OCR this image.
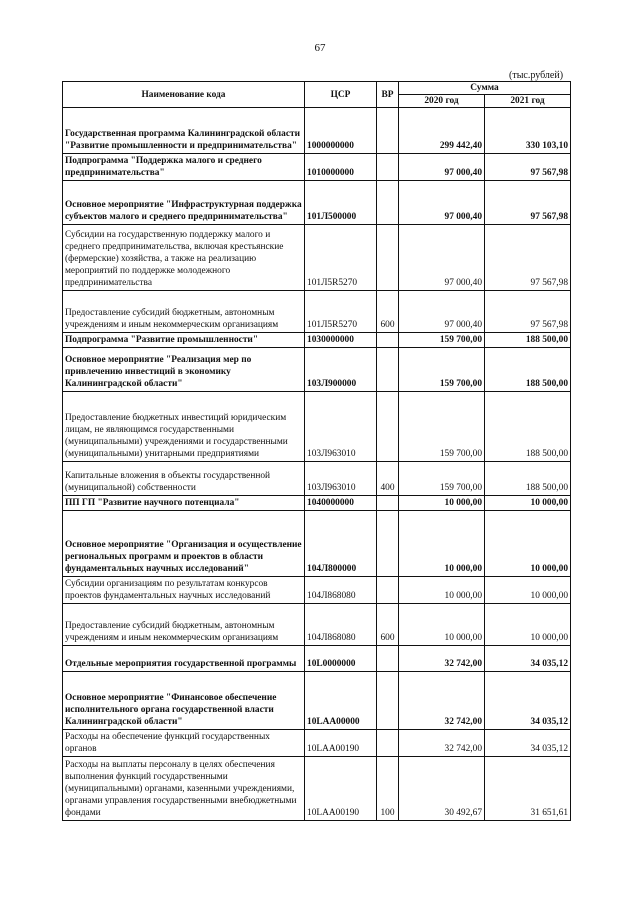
67
(тыс.рублей)
Наименование кода	ЦСР	ВР	Сумма	
			2020 год	2021 год
Государственная программа Калининградской области "Развитие промышленности и предпринимательства"	1000000000		299 442,40	330 103,10
Подпрограмма "Поддержка малого и среднего предпринимательства"	1010000000		97 000,40	97 567,98
Основное мероприятие "Инфраструктурная поддержка субъектов малого и среднего предпринимательства"	101Л500000		97 000,40	97 567,98
Субсидии на государственную поддержку малого и среднего предпринимательства, включая крестьянские (фермерские) хозяйства, а также на реализацию мероприятий по поддержке молодежного предпринимательства	101Л5R5270		97 000,40	97 567,98
Предоставление субсидий бюджетным, автономным учреждениям и иным некоммерческим организациям	101Л5R5270	600	97 000,40	97 567,98
Подпрограмма "Развитие промышленности"	1030000000		159 700,00	188 500,00
Основное мероприятие "Реализация мер по привлечению инвестиций в экономику Калининградской области"	103Л900000		159 700,00	188 500,00
Предоставление бюджетных инвестиций юридическим лицам, не являющимся государственными (муниципальными) учреждениями и государственными (муниципальными) унитарными предприятиями	103Л963010		159 700,00	188 500,00
Капитальные вложения в объекты государственной (муниципальной) собственности	103Л963010	400	159 700,00	188 500,00
ПП ГП "Развитие научного потенциала"	1040000000		10 000,00	10 000,00
Основное мероприятие "Организация и осуществление региональных программ и проектов в области фундаментальных научных исследований"	104Л800000		10 000,00	10 000,00
Субсидии организациям по результатам конкурсов проектов фундаментальных научных исследований	104Л868080		10 000,00	10 000,00
Предоставление субсидий бюджетным, автономным учреждениям и иным некоммерческим организациям	104Л868080	600	10 000,00	10 000,00
Отдельные мероприятия государственной программы	10L0000000		32 742,00	34 035,12
Основное мероприятие "Финансовое обеспечение исполнительного органа государственной власти Калининградской области"	10LAA00000		32 742,00	34 035,12
Расходы на обеспечение функций государственных органов	10LAA00190		32 742,00	34 035,12
Расходы на выплаты персоналу в целях обеспечения выполнения функций государственными (муниципальными) органами, казенными учреждениями, органами управления государственными внебюджетными фондами	10LAA00190	100	30 492,67	31 651,61
